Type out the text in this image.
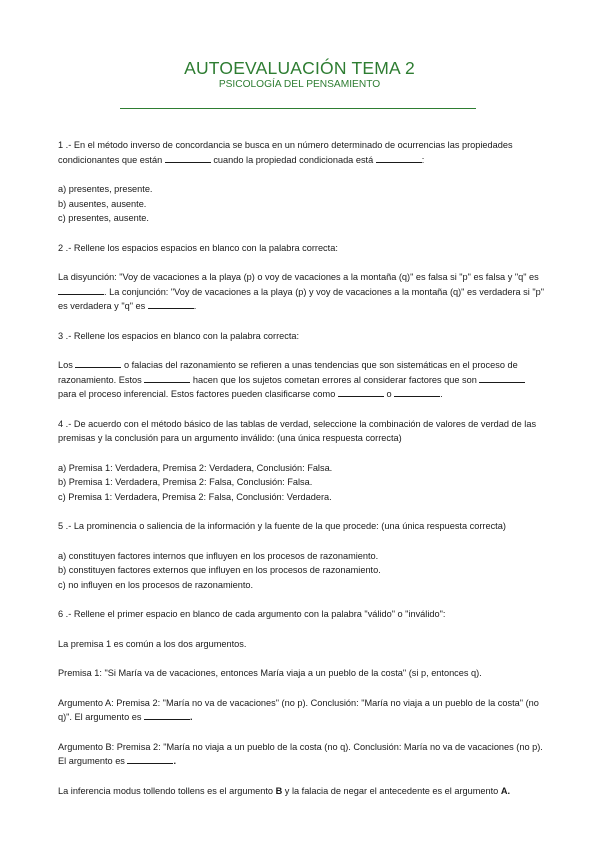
AUTOEVALUACIÓN TEMA 2
PSICOLOGÍA DEL PENSAMIENTO

1 .- En el método inverso de concordancia se busca en un número determinado de ocurrencias las propiedades condicionantes que están	cuando la propiedad condicionada está	:

a) presentes, presente.

b) ausentes, ausente.

c) presentes, ausente.

2 .- Rellene los espacios espacios en blanco con la palabra correcta:

La disyunción: "Voy de vacaciones a la playa (p) o voy de vacaciones a la montaña (q)" es falsa si "p" es falsa y "q" es . La conjunción: "Voy de vacaciones a la playa (p) y voy de vacaciones a la montaña (q)" es verdadera si "p" es verdadera y "q" es	.

3 .- Rellene los espacios en blanco con la palabra correcta:

Los	o falacias del razonamiento se refieren a unas tendencias que son sistemáticas en el proceso de razonamiento. Estos	hacen que los sujetos cometan errores al considerar factores que son  para el proceso inferencial. Estos factores pueden clasificarse como	o	.

4 .- De acuerdo con el método básico de las tablas de verdad, seleccione la combinación de valores de verdad de las premisas y la conclusión para un argumento inválido: (una única respuesta correcta)

a) Premisa 1: Verdadera, Premisa 2: Verdadera, Conclusión: Falsa.

b) Premisa 1: Verdadera, Premisa 2: Falsa, Conclusión: Falsa.

c) Premisa 1: Verdadera, Premisa 2: Falsa, Conclusión: Verdadera.

5 .- La prominencia o saliencia de la información y la fuente de la que procede: (una única respuesta correcta)

a) constituyen factores internos que influyen en los procesos de razonamiento.

b) constituyen factores externos que influyen en los procesos de razonamiento.

c) no influyen en los procesos de razonamiento.

6 .- Rellene el primer espacio en blanco de cada argumento con la palabra "válido" o "inválido":

La premisa 1 es común a los dos argumentos.

Premisa 1: "Si María va de vacaciones, entonces María viaja a un pueblo de la costa" (si p, entonces q).

Argumento A: Premisa 2: "María no va de vacaciones" (no p). Conclusión: "María no viaja a un pueblo de la costa" (no q)". El argumento es	.

Argumento B: Premisa 2: "María no viaja a un pueblo de la costa (no q). Conclusión: María no va de vacaciones (no p). El argumento es	.

La inferencia modus tollendo tollens es el argumento B y la falacia de negar el antecedente es el argumento A.
